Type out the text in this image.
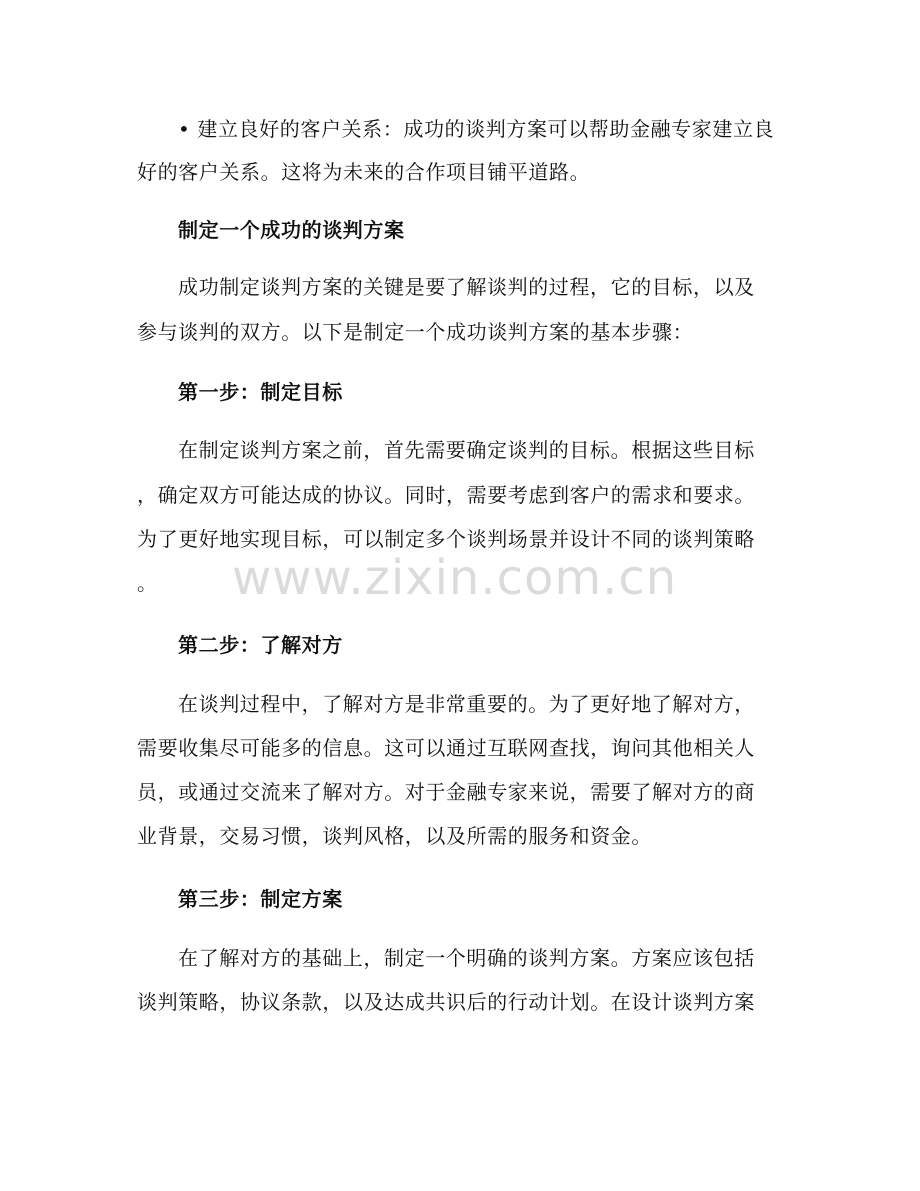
• 建立良好的客户关系：成功的谈判方案可以帮助金融专家建立良
好的客户关系。这将为未来的合作项目铺平道路。
制定一个成功的谈判方案
成功制定谈判方案的关键是要了解谈判的过程，它的目标，以及
参与谈判的双方。以下是制定一个成功谈判方案的基本步骤：
第一步：制定目标
在制定谈判方案之前，首先需要确定谈判的目标。根据这些目标
，确定双方可能达成的协议。同时，需要考虑到客户的需求和要求。
为了更好地实现目标，可以制定多个谈判场景并设计不同的谈判策略
。
第二步：了解对方
在谈判过程中，了解对方是非常重要的。为了更好地了解对方，
需要收集尽可能多的信息。这可以通过互联网查找，询问其他相关人
员，或通过交流来了解对方。对于金融专家来说，需要了解对方的商
业背景，交易习惯，谈判风格，以及所需的服务和资金。
第三步：制定方案
在了解对方的基础上，制定一个明确的谈判方案。方案应该包括
谈判策略，协议条款，以及达成共识后的行动计划。在设计谈判方案
www.zixin.com.cn
